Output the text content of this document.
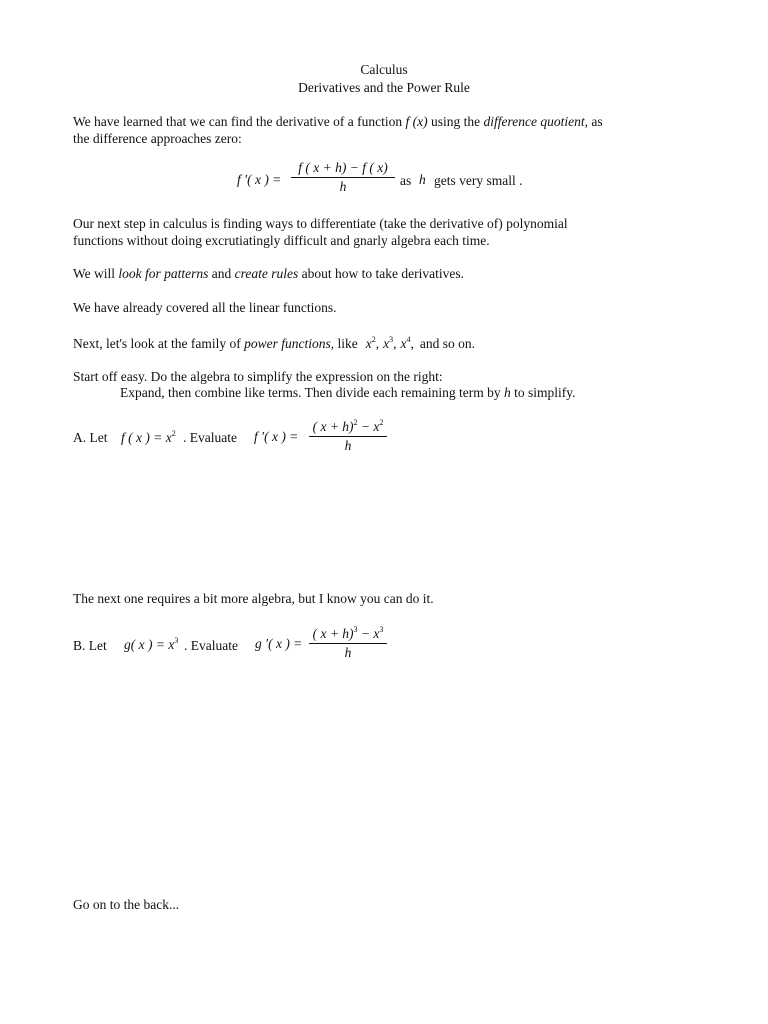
Calculus
Derivatives and the Power Rule
We have learned that we can find the derivative of a function f (x) using the difference quotient, as
the difference approaches zero:
f ′( x ) =
f ( x + h) − f ( x)
h	as h gets very small .
Our next step in calculus is finding ways to differentiate (take the derivative of) polynomial
functions without doing excrutiatingly difficult and gnarly algebra each time.
We will look for patterns and create rules about how to take derivatives.
We have already covered all the linear functions.
Next, let's look at the family of power functions, like $x^2$, $x^3$, $x^4$, and so on.
Start off easy. Do the algebra to simplify the expression on the right:
Expand, then combine like terms. Then divide each remaining term by h to simplify.
A. Let f ( x ) = $x^2$ . Evaluate f ′( x ) =
( $x + h)^2 - x^2$
h
The next one requires a bit more algebra, but I know you can do it.
B. Let g( x ) = $x^3$ . Evaluate g ′( x ) =
( $x + h)^3 - x^3$
h
Go on to the back...
